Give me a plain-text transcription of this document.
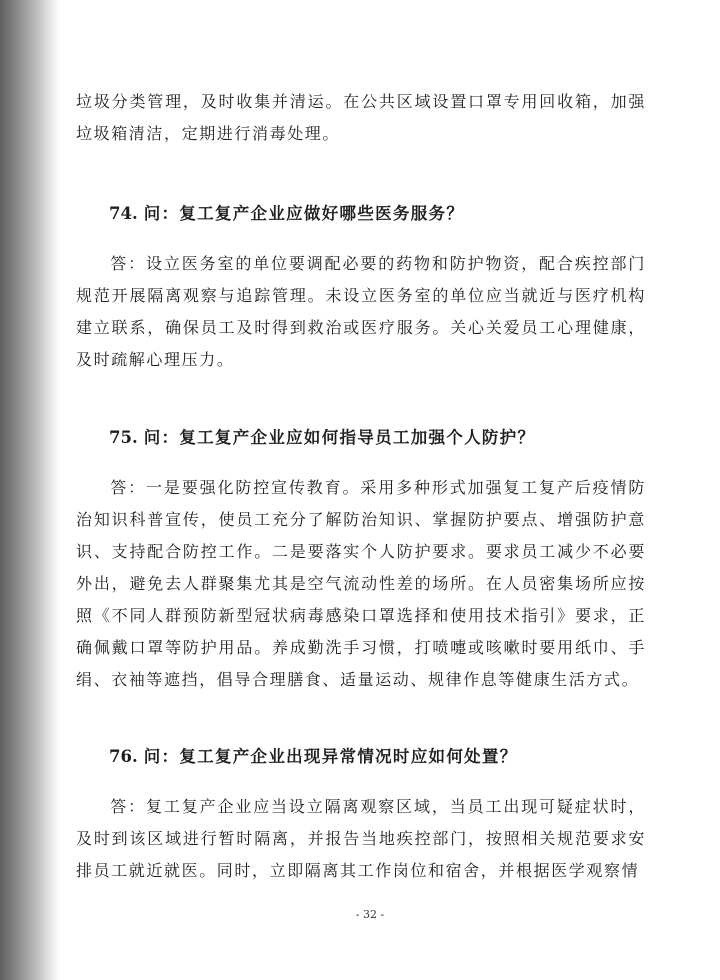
垃圾分类管理，及时收集并清运。在公共区域设置口罩专用回收箱，加强垃圾箱清洁，定期进行消毒处理。

74. 问：复工复产企业应做好哪些医务服务？

答：设立医务室的单位要调配必要的药物和防护物资，配合疾控部门规范开展隔离观察与追踪管理。未设立医务室的单位应当就近与医疗机构建立联系，确保员工及时得到救治或医疗服务。关心关爱员工心理健康，及时疏解心理压力。

75. 问：复工复产企业应如何指导员工加强个人防护？

答：一是要强化防控宣传教育。采用多种形式加强复工复产后疫情防治知识科普宣传，使员工充分了解防治知识、掌握防护要点、增强防护意识、支持配合防控工作。二是要落实个人防护要求。要求员工减少不必要外出，避免去人群聚集尤其是空气流动性差的场所。在人员密集场所应按照《不同人群预防新型冠状病毒感染口罩选择和使用技术指引》要求，正确佩戴口罩等防护用品。养成勤洗手习惯，打喷嚏或咳嗽时要用纸巾、手绢、衣袖等遮挡，倡导合理膳食、适量运动、规律作息等健康生活方式。

76. 问：复工复产企业出现异常情况时应如何处置？

答：复工复产企业应当设立隔离观察区域，当员工出现可疑症状时，及时到该区域进行暂时隔离，并报告当地疾控部门，按照相关规范要求安排员工就近就医。同时，立即隔离其工作岗位和宿舍，并根据医学观察情

- 32 -
